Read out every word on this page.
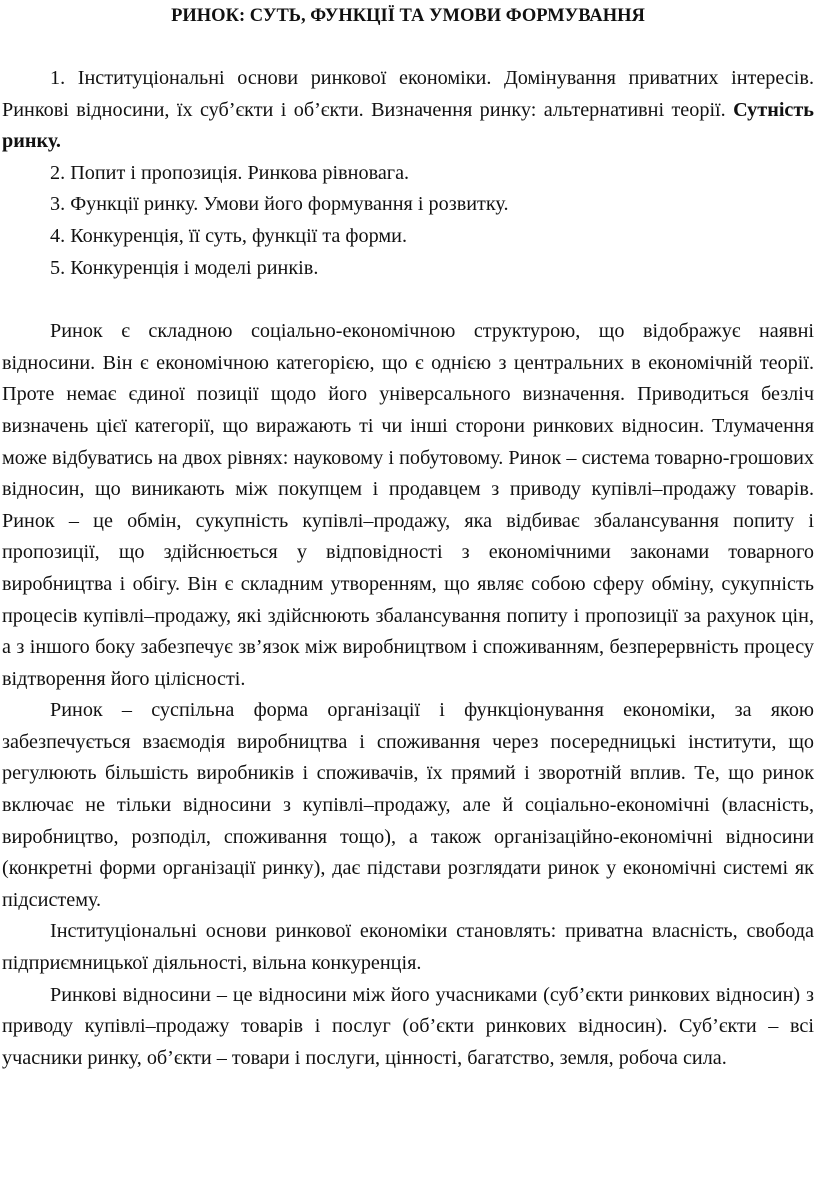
РИНОК: СУТЬ, ФУНКЦІЇ ТА УМОВИ ФОРМУВАННЯ

1. Інституціональні основи ринкової економіки. Домінування приватних інтересів. Ринкові відносини, їх суб’єкти і об’єкти. Визначення ринку: альтернативні теорії. Сутність ринку.

2. Попит і пропозиція. Ринкова рівновага.

3. Функції ринку. Умови його формування і розвитку.

4. Конкуренція, її суть, функції та форми.

5. Конкуренція і моделі ринків.

Ринок є складною соціально-економічною структурою, що відображує наявні відносини. Він є економічною категорією, що є однією з центральних в економічній теорії. Проте немає єдиної позиції щодо його універсального визначення. Приводиться безліч визначень цієї категорії, що виражають ті чи інші сторони ринкових відносин. Тлумачення може відбуватись на двох рівнях: науковому і побутовому. Ринок – система товарно-грошових відносин, що виникають між покупцем і продавцем з приводу купівлі–продажу товарів. Ринок – це обмін, сукупність купівлі–продажу, яка відбиває збалансування попиту і пропозиції, що здійснюється у відповідності з економічними законами товарного виробництва і обігу. Він є складним утворенням, що являє собою сферу обміну, сукупність процесів купівлі–продажу, які здійснюють збалансування попиту і пропозиції за рахунок цін, а з іншого боку забезпечує зв’язок між виробництвом і споживанням, безперервність процесу відтворення його цілісності.

Ринок – суспільна форма організації і функціонування економіки, за якою забезпечується взаємодія виробництва і споживання через посередницькі інститути, що регулюють більшість виробників і споживачів, їх прямий і зворотній вплив. Те, що ринок включає не тільки відносини з купівлі–продажу, але й соціально-економічні (власність, виробництво, розподіл, споживання тощо), а також організаційно-економічні відносини (конкретні форми організації ринку), дає підстави розглядати ринок у економічні системі як підсистему.

Інституціональні основи ринкової економіки становлять: приватна власність, свобода підприємницької діяльності, вільна конкуренція.

Ринкові відносини – це відносини між його учасниками (суб’єкти ринкових відносин) з приводу купівлі–продажу товарів і послуг (об’єкти ринкових відносин). Суб’єкти – всі учасники ринку, об’єкти – товари і послуги, цінності, багатство, земля, робоча сила.
